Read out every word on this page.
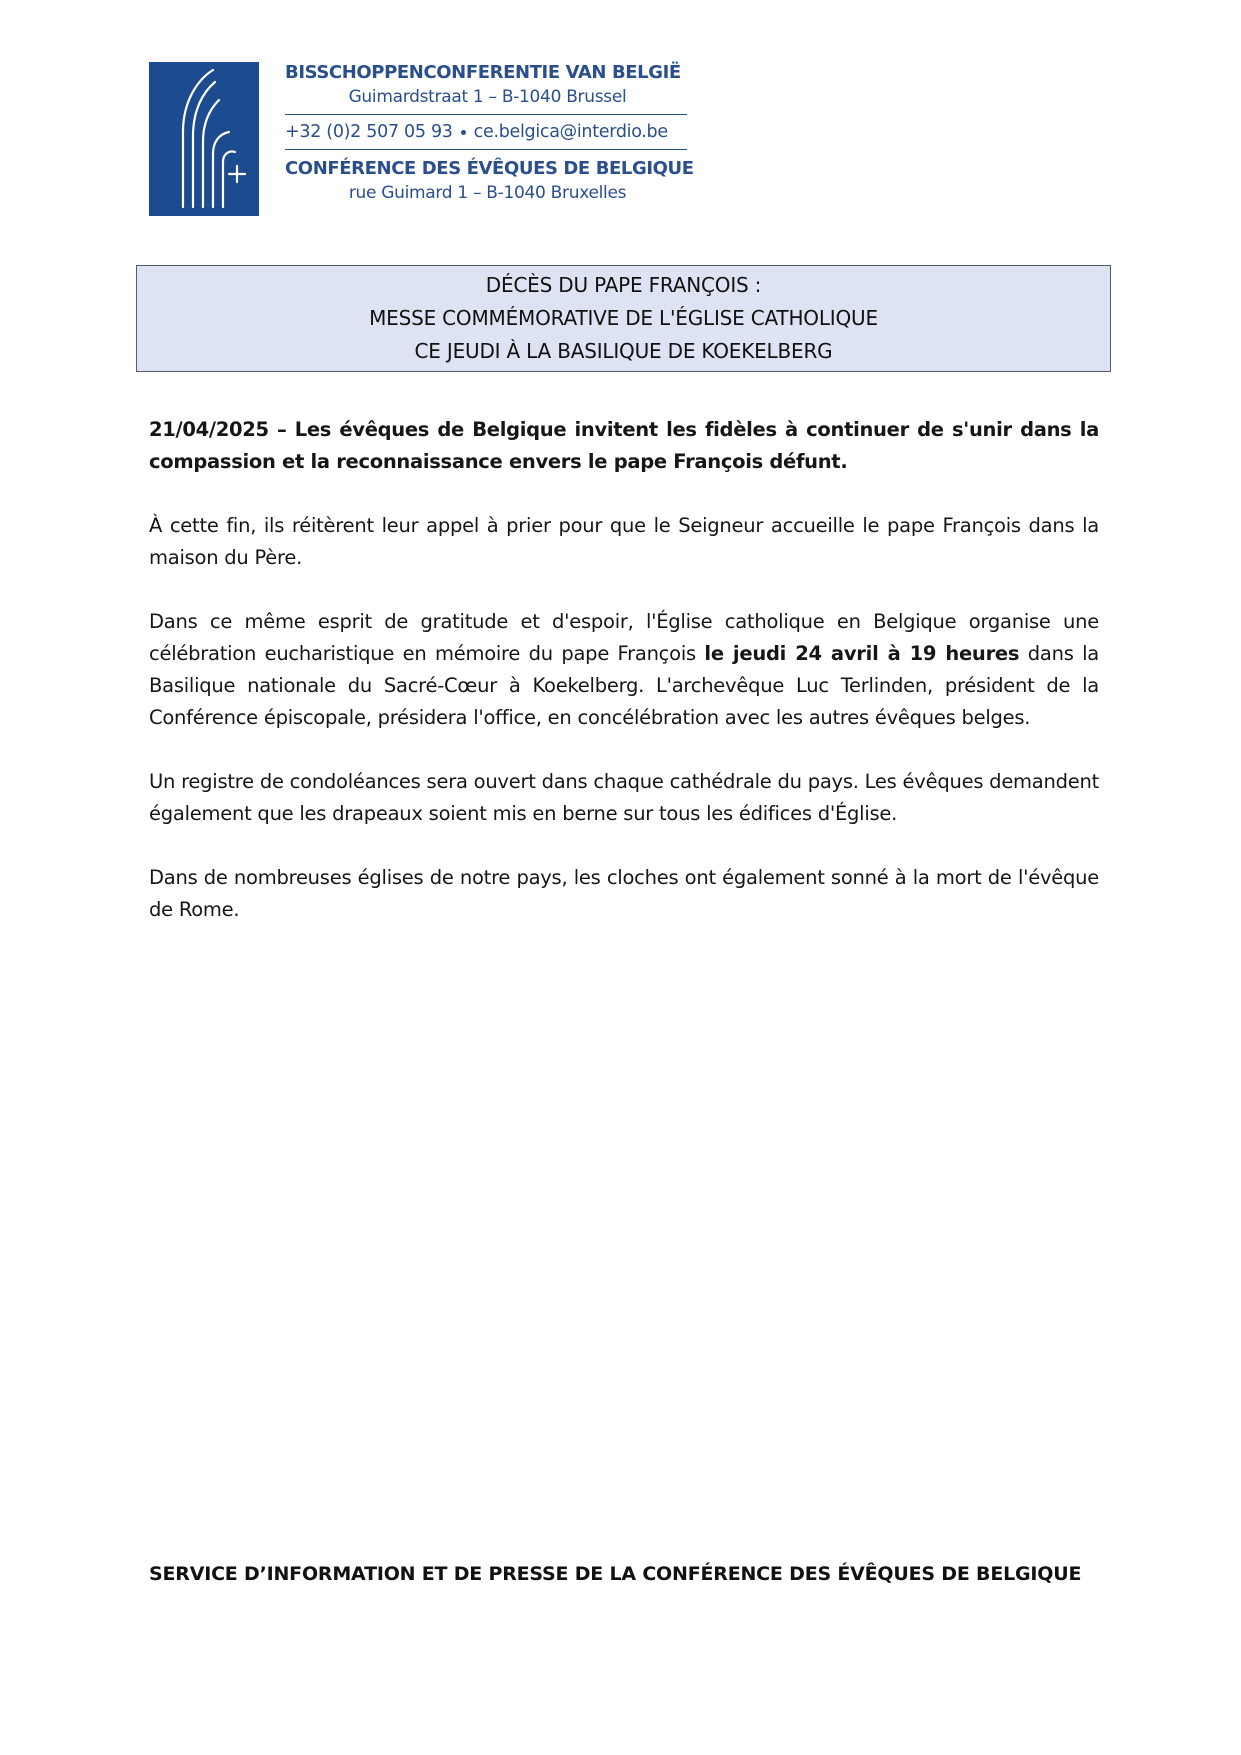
BISSCHOPPENCONFERENTIE VAN BELGIË
Guimardstraat 1 – B-1040 Brussel
+32 (0)2 507 05 93 ce.belgica@interdio.be
CONFÉRENCE DES ÉVÊQUES DE BELGIQUE
rue Guimard 1 – B-1040 Bruxelles
DÉCÈS DU PAPE FRANÇOIS :
MESSE COMMÉMORATIVE DE L'ÉGLISE CATHOLIQUE
CE JEUDI À LA BASILIQUE DE KOEKELBERG

21/04/2025 – Les évêques de Belgique invitent les fidèles à continuer de s'unir dans la compassion et la reconnaissance envers le pape François défunt.

À cette fin, ils réitèrent leur appel à prier pour que le Seigneur accueille le pape François dans la maison du Père.

Dans ce même esprit de gratitude et d'espoir, l'Église catholique en Belgique organise une célébration eucharistique en mémoire du pape François le jeudi 24 avril à 19 heures dans la Basilique nationale du Sacré-Cœur à Koekelberg. L'archevêque Luc Terlinden, président de la Conférence épiscopale, présidera l'office, en concélébration avec les autres évêques belges.

Un registre de condoléances sera ouvert dans chaque cathédrale du pays. Les évêques demandent également que les drapeaux soient mis en berne sur tous les édifices d'Église.

Dans de nombreuses églises de notre pays, les cloches ont également sonné à la mort de l'évêque de Rome.

SERVICE D’INFORMATION ET DE PRESSE DE LA CONFÉRENCE DES ÉVÊQUES DE BELGIQUE
